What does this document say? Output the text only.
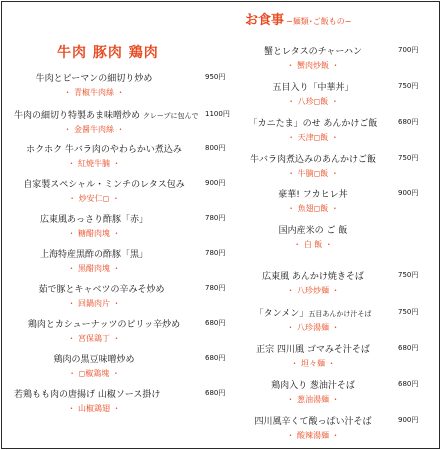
牛肉 豚肉 鶏肉
お食事 −麺類･ご飯もの−
牛肉とピーマンの細切り炒め
・ 青椒牛肉絲 ・
950円
牛肉の細切り特製あま味噌炒め クレープに包んで
・ 金醤牛肉絲 ・
1100円
ホクホク 牛バラ肉のやわらかい煮込み
・ 紅焼牛腩 ・
800円
自家製スペシャル・ミンチのレタス包み
・ 炒安仁◻ ・
900円
広東風あっさり酢豚「赤」
・ 糖醋肉塊 ・
780円
上海特産黒酢の酢豚「黒」
・ 黒醋肉塊 ・
780円
茹で豚とキャベツの辛みそ炒め
・ 回鍋肉片 ・
780円
鶏肉とカシューナッツのピリッ辛炒め
・ 宮保鶏丁 ・
680円
鶏肉の黒豆味噌炒め
・ ◻椒鶏塊 ・
680円
若鶏もも肉の唐揚げ 山椒ソース掛け
・ 山椒鶏翅 ・
680円
蟹とレタスのチャーハン
・ 蟹肉炒飯 ・
700円
五目入り「中華丼」
・ 八珍◻飯 ・
750円
「カニたま」のせ あんかけご飯
・ 天津◻飯 ・
680円
牛バラ肉煮込みのあんかけご飯
・ 牛腩◻飯 ・
750円
豪華! フカヒレ丼
・ 魚翅◻飯 ・
900円
国内産米の ご 飯
・ 白 飯 ・
広東風 あんかけ焼きそば
・ 八珍炒麺 ・
750円
「タンメン」五目あんかけ汁そば
・ 八珍湯麺 ・
750円
正宗 四川風 ゴマみそ汁そば
・ 坦々麺 ・
680円
鶏肉入り 葱油汁そば
・ 葱油湯麺 ・
680円
四川風辛くて酸っぱい汁そば
・ 酸辣湯麺 ・
900円
